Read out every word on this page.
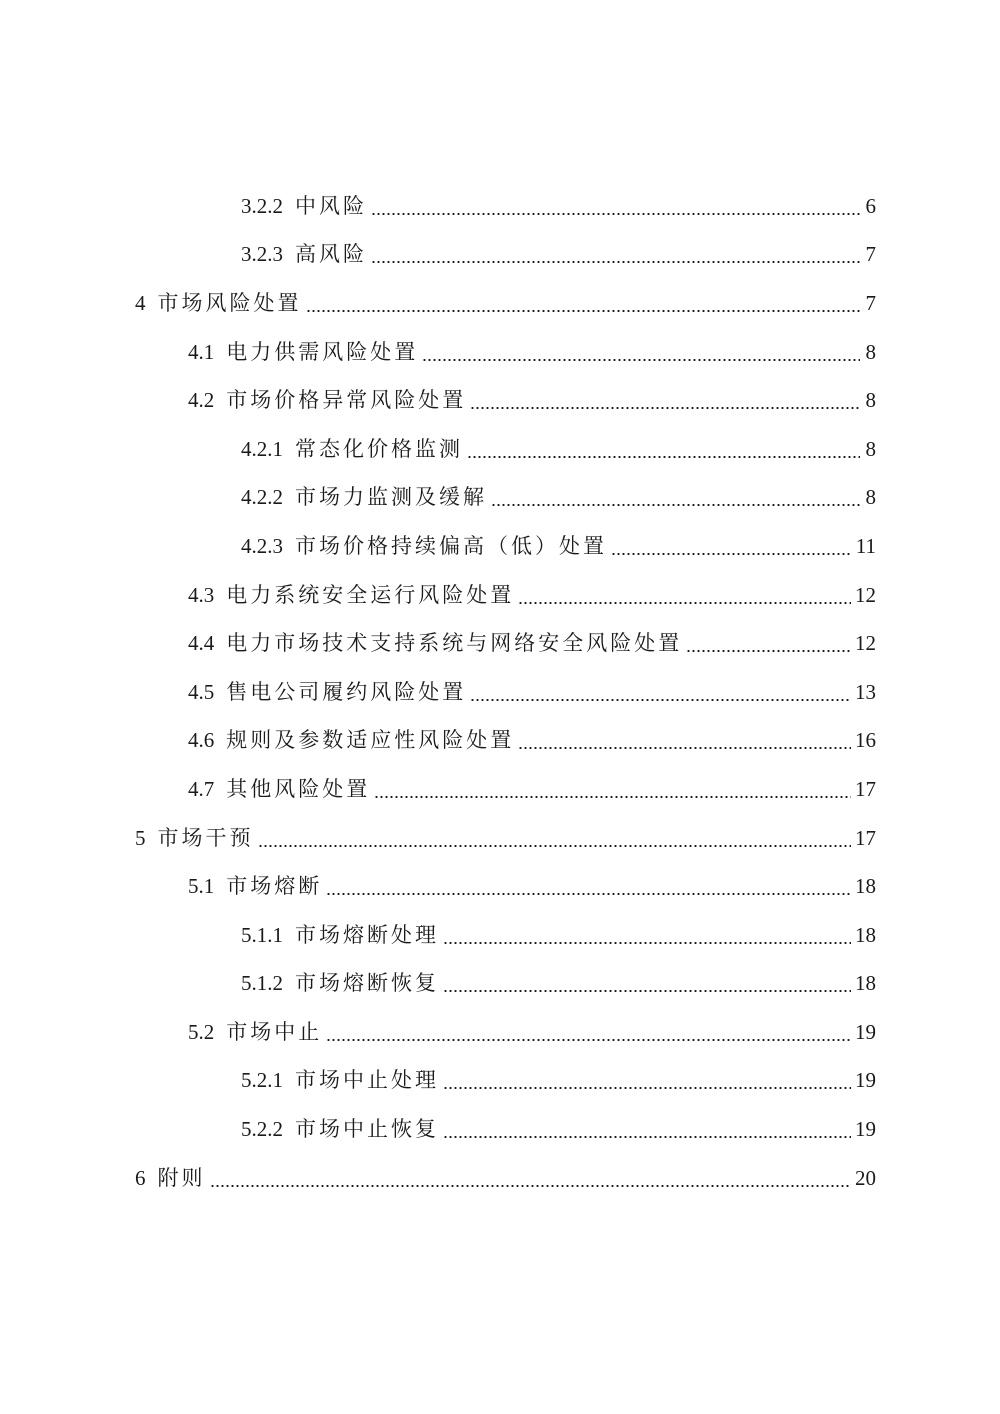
3.2.2 中风险	6
3.2.3 高风险	7
4 市场风险处置	7
4.1 电力供需风险处置	8
4.2 市场价格异常风险处置	8
4.2.1 常态化价格监测	8
4.2.2 市场力监测及缓解	8
4.2.3 市场价格持续偏高（低）处置	11
4.3 电力系统安全运行风险处置	12
4.4 电力市场技术支持系统与网络安全风险处置	12
4.5 售电公司履约风险处置	13
4.6 规则及参数适应性风险处置	16
4.7 其他风险处置	17
5 市场干预	17
5.1 市场熔断	18
5.1.1 市场熔断处理	18
5.1.2 市场熔断恢复	18
5.2 市场中止	19
5.2.1 市场中止处理	19
5.2.2 市场中止恢复	19
6 附则	20
